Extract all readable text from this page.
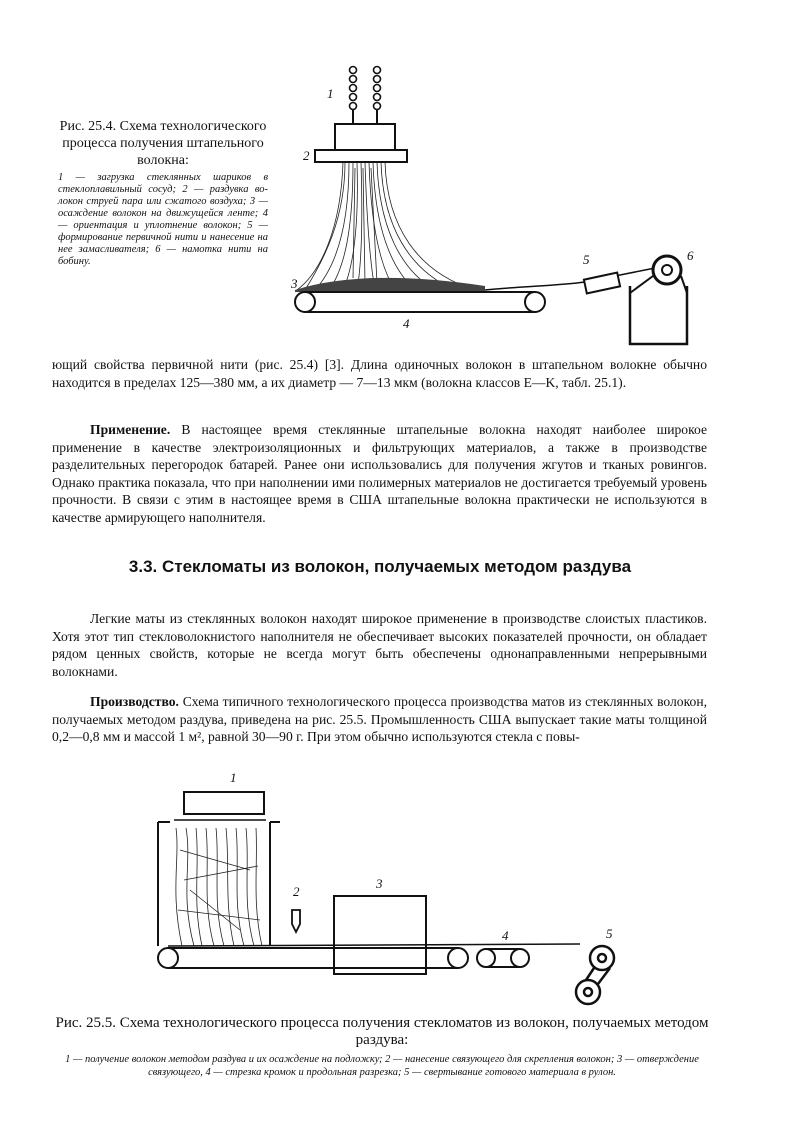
1
2
3
4
5	6

Рис. 25.4. Схема технологического процесса получения штапельного волокна:

1 — загрузка стеклянных шариков в стеклоплавильный сосуд; 2 — раздувка волокон струей пара или сжатого воздуха; 3 — осаждение волокон на движущейся ленте; 4 — ориентация и уплотнение волокон; 5 — формирование первичной нити и нанесение на нее замасливателя; 6 — намотка нити на бобину.

ющий свойства первичной нити (рис. 25.4) [3]. Длина одиночных волокон в штапельном волокне обычно находится в пределах 125—380 мм, а их диаметр — 7—13 мкм (волокна классов E—K, табл. 25.1).

Применение. В настоящее время стеклянные штапельные волокна находят наиболее широкое применение в качестве электроизоляционных и фильтрующих материалов, а также в производстве разделительных перегородок батарей. Ранее они использовались для получения жгутов и тканых ровингов. Однако практика показала, что при наполнении ими полимерных материалов не достигается требуемый уровень прочности. В связи с этим в настоящее время в США штапельные волокна практически не используются в качестве армирующего наполнителя.

3.3. Стекломаты из волокон, получаемых методом раздува

Легкие маты из стеклянных волокон находят широкое применение в производстве слоистых пластиков. Хотя этот тип стекловолокнистого наполнителя не обеспечивает высоких показателей прочности, он обладает рядом ценных свойств, которые не всегда могут быть обеспечены однонаправленными непрерывными волокнами.

Производство. Схема типичного технологического процесса производства матов из стеклянных волокон, получаемых методом раздува, приведена на рис. 25.5. Промышленность США выпускает такие маты толщиной 0,2—0,8 мм и массой 1 м², равной 30—90 г. При этом обычно используются стекла с повы-

1
2
3
4	5

Рис. 25.5. Схема технологического процесса получения стекломатов из волокон, получаемых методом раздува:

1 — получение волокон методом раздува и их осаждение на подложку; 2 — нанесение связующего для скрепления волокон; 3 — отверждение связующего, 4 — стрезка кромок и продольная разрезка; 5 — свертывание готового материала в рулон.
